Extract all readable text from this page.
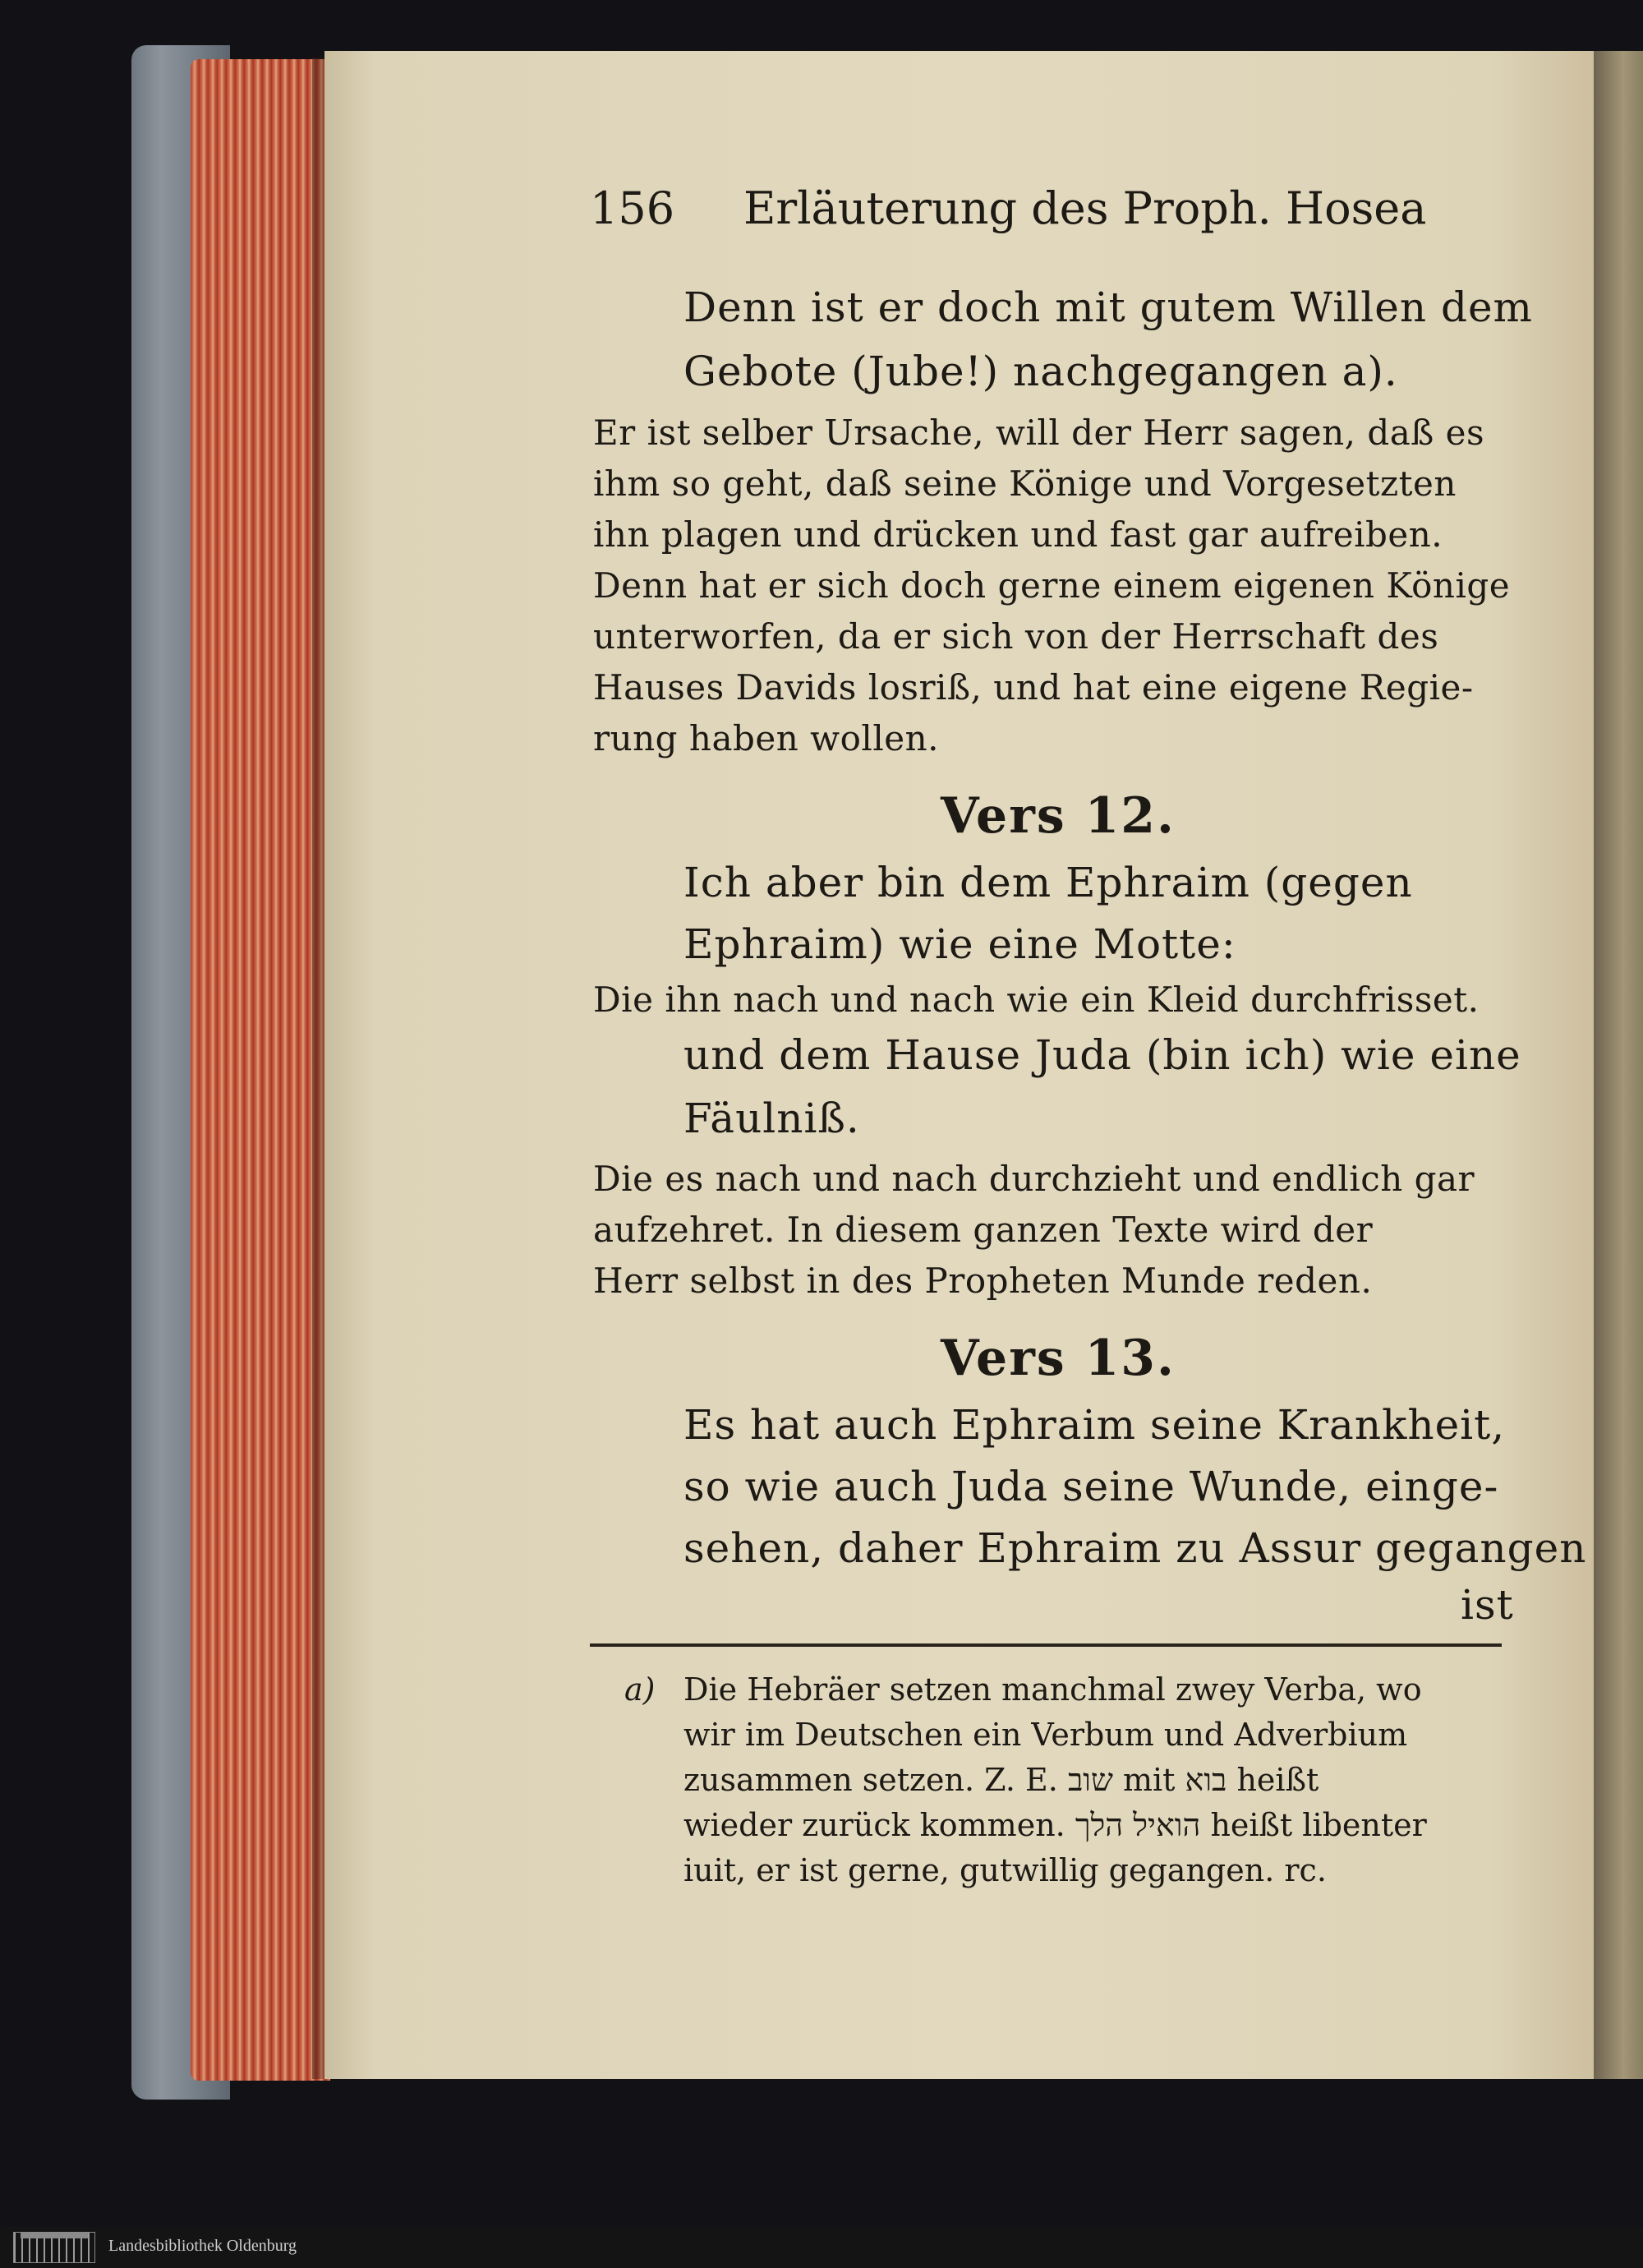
156 Erläuterung des Proph. Hosea
Denn ist er doch mit gutem Willen dem
Gebote (Jube!) nachgegangen a).
Er ist selber Ursache, will der Herr sagen, daß es
ihm so geht, daß seine Könige und Vorgesetzten
ihn plagen und drücken und fast gar aufreiben.
Denn hat er sich doch gerne einem eigenen Könige
unterworfen, da er sich von der Herrschaft des
Hauses Davids losriß, und hat eine eigene Regie-
rung haben wollen.
Vers 12.
Ich aber bin dem Ephraim (gegen
Ephraim) wie eine Motte:
Die ihn nach und nach wie ein Kleid durchfrisset.
und dem Hause Juda (bin ich) wie eine
Fäulniß.
Die es nach und nach durchzieht und endlich gar
aufzehret. In diesem ganzen Texte wird der
Herr selbst in des Propheten Munde reden.
Vers 13.
Es hat auch Ephraim seine Krankheit,
so wie auch Juda seine Wunde, einge-
sehen, daher Ephraim zu Assur gegangen
ist
a) Die Hebräer setzen manchmal zwey Verba, wo
wir im Deutschen ein Verbum und Adverbium
zusammen setzen. Z. E. שוב mit בוא heißt
wieder zurück kommen. הואיל הלך heißt libenter
iuit, er ist gerne, gutwillig gegangen. rc.
Landesbibliothek Oldenburg
